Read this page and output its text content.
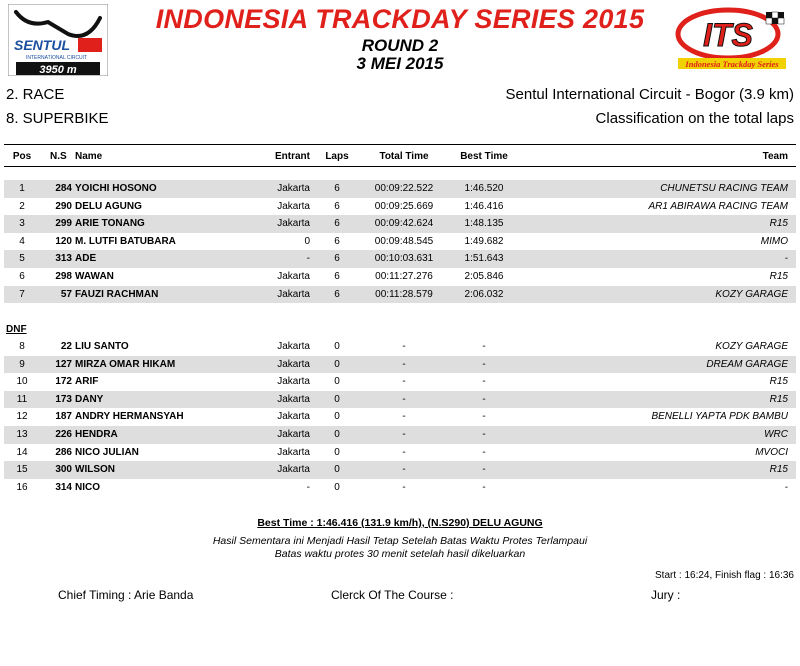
SENTUL
INTERNATIONAL CIRCUIT
3950 m
INDONESIA TRACKDAY SERIES 2015
ROUND 2
3 MEI 2015
ITS
Indonesia Trackday Series
2. RACE	Sentul International Circuit - Bogor (3.9 km)
8. SUPERBIKE	Classification on the total laps
Pos	N.S Name	Entrant	Laps	Total Time	Best Time	Team
1	284 YOICHI HOSONO	Jakarta	6	00:09:22.522	1:46.520	CHUNETSU RACING TEAM
2	290 DELU AGUNG	Jakarta	6	00:09:25.669	1:46.416	AR1 ABIRAWA RACING TEAM
3	299 ARIE TONANG	Jakarta	6	00:09:42.624	1:48.135	R15
4	120 M. LUTFI BATUBARA	0	6	00:09:48.545	1:49.682	MIMO
5	313 ADE	-	6	00:10:03.631	1:51.643	-
6	298 WAWAN	Jakarta	6	00:11:27.276	2:05.846	R15
7	57 FAUZI RACHMAN	Jakarta	6	00:11:28.579	2:06.032	KOZY GARAGE
DNF
8	22 LIU SANTO	Jakarta	0	-	-	KOZY GARAGE
9	127 MIRZA OMAR HIKAM	Jakarta	0	-	-	DREAM GARAGE
10	172 ARIF	Jakarta	0	-	-	R15
11	173 DANY	Jakarta	0	-	-	R15
12	187 ANDRY HERMANSYAH	Jakarta	0	-	-	BENELLI YAPTA PDK BAMBU
13	226 HENDRA	Jakarta	0	-	-	WRC
14	286 NICO JULIAN	Jakarta	0	-	-	MVOCI
15	300 WILSON	Jakarta	0	-	-	R15
16	314 NICO	-	0	-	-	-
Best Time : 1:46.416 (131.9 km/h), (N.S290) DELU AGUNG
Hasil Sementara ini Menjadi Hasil Tetap Setelah Batas Waktu Protes Terlampaui
Batas waktu protes 30 menit setelah hasil dikeluarkan
Start : 16:24, Finish flag : 16:36
Chief Timing : Arie Banda	Clerck Of The Course :	Jury :
